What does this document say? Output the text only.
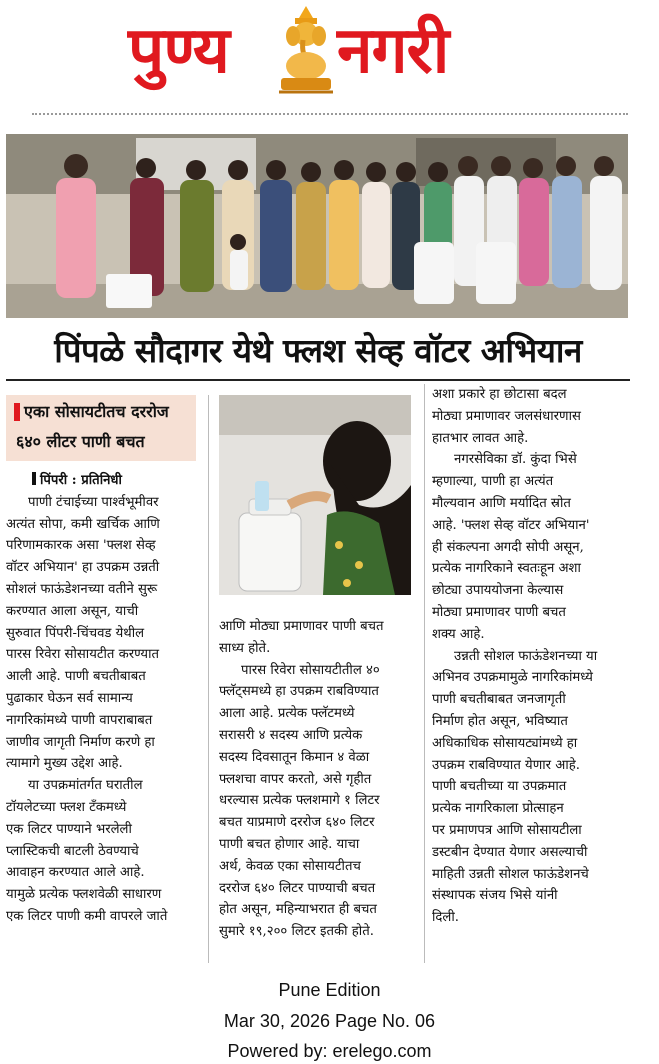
पुण्य नगरी
पिंपळे सौदागर येथे फ्लश सेव्ह वॉटर अभियान
एका सोसायटीतच दररोज
६४० लीटर पाणी बचत
पिंपरी : प्रतिनिधी
पाणी टंचाईच्या पार्श्वभूमीवर
अत्यंत सोपा, कमी खर्चिक आणि
परिणामकारक असा 'फ्लश सेव्ह
वॉटर अभियान' हा उपक्रम उन्नती
सोशलं फाऊंडेशनच्या वतीने सुरू
करण्यात आला असून, याची
सुरुवात पिंपरी-चिंचवड येथील
पारस रिवेरा सोसायटीत करण्यात
आली आहे. पाणी बचतीबाबत
पुढाकार घेऊन सर्व सामान्य
नागरिकांमध्ये पाणी वापराबाबत
जाणीव जागृती निर्माण करणे हा
त्यामागे मुख्य उद्देश आहे.
या उपक्रमांतर्गत घरातील
टॉयलेटच्या फ्लश टँकमध्ये
एक लिटर पाण्याने भरलेली
प्लास्टिकची बाटली ठेवण्याचे
आवाहन करण्यात आले आहे.
यामुळे प्रत्येक फ्लशवेळी साधारण
एक लिटर पाणी कमी वापरले जाते
आणि मोठ्या प्रमाणावर पाणी बचत
साध्य होते.
पारस रिवेरा सोसायटीतील ४०
फ्लॅट्समध्ये हा उपक्रम राबविण्यात
आला आहे. प्रत्येक फ्लॅटमध्ये
सरासरी ४ सदस्य आणि प्रत्येक
सदस्य दिवसातून किमान ४ वेळा
फ्लशचा वापर करतो, असे गृहीत
धरल्यास प्रत्येक फ्लशमागे १ लिटर
बचत याप्रमाणे दररोज ६४० लिटर
पाणी बचत होणार आहे. याचा
अर्थ, केवळ एका सोसायटीतच
दररोज ६४० लिटर पाण्याची बचत
होत असून, महिन्याभरात ही बचत
सुमारे १९,२०० लिटर इतकी होते.
अशा प्रकारे हा छोटासा बदल
मोठ्या प्रमाणावर जलसंधारणास
हातभार लावत आहे.
नगरसेविका डॉ. कुंदा भिसे
म्हणाल्या, पाणी हा अत्यंत
मौल्यवान आणि मर्यादित स्रोत
आहे. 'फ्लश सेव्ह वॉटर अभियान'
ही संकल्पना अगदी सोपी असून,
प्रत्येक नागरिकाने स्वतःहून अशा
छोट्या उपाययोजना केल्यास
मोठ्या प्रमाणावर पाणी बचत
शक्य आहे.
उन्नती सोशल फाऊंडेशनच्या या
अभिनव उपक्रमामुळे नागरिकांमध्ये
पाणी बचतीबाबत जनजागृती
निर्माण होत असून, भविष्यात
अधिकाधिक सोसायट्यांमध्ये हा
उपक्रम राबविण्यात येणार आहे.
पाणी बचतीच्या या उपक्रमात
प्रत्येक नागरिकाला प्रोत्साहन
पर प्रमाणपत्र आणि सोसायटीला
डस्टबीन देण्यात येणार असल्याची
माहिती उन्नती सोशल फाऊंडेशनचे
संस्थापक संजय भिसे यांनी
दिली.
Pune Edition
Mar 30, 2026 Page No. 06
Powered by: erelego.com
